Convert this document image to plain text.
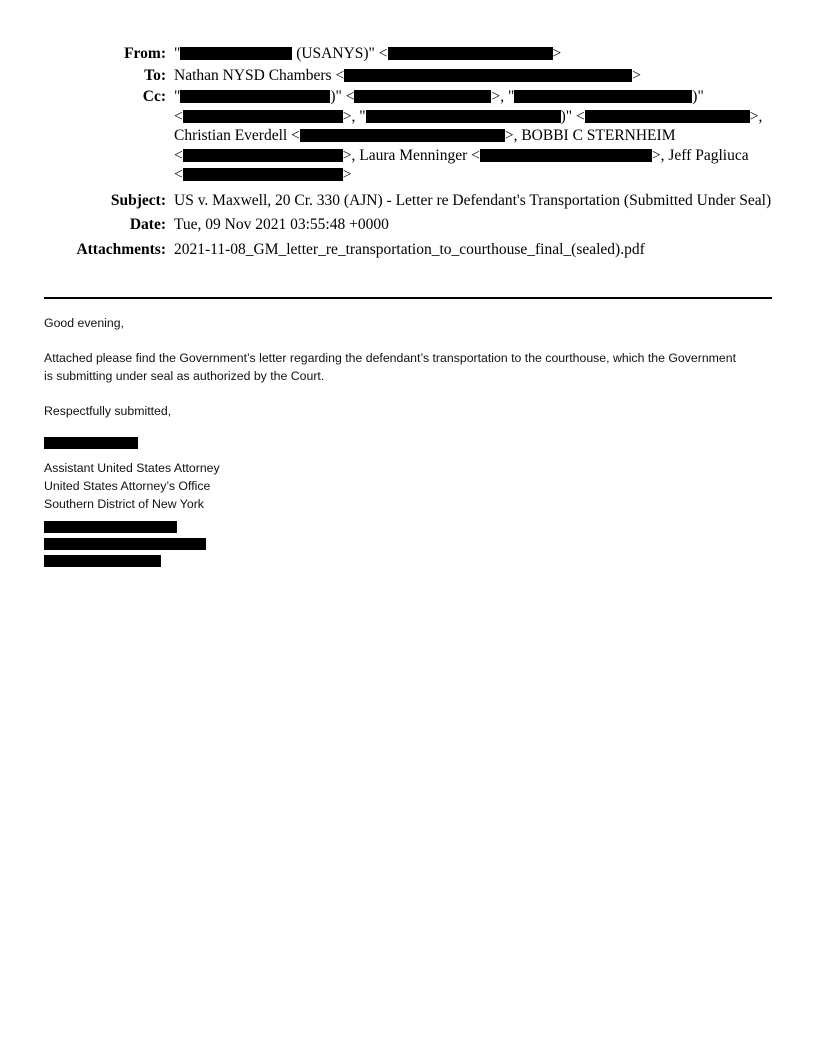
From: "	(USANYS)" <	>
To: Nathan NYSD Chambers <	>
Cc: "	)" <	>, "	)"
<	>, "	)" <	>,
Christian Everdell <	>, BOBBI C STERNHEIM
<	>, Laura Menninger <	>, Jeff Pagliuca
<	>
Subject: US v. Maxwell, 20 Cr. 330 (AJN) - Letter re Defendant's Transportation (Submitted Under Seal)
Date: Tue, 09 Nov 2021 03:55:48 +0000
Attachments: 2021-11-08_GM_letter_re_transportation_to_courthouse_final_(sealed).pdf

Good evening,

Attached please find the Government’s letter regarding the defendant’s transportation to the courthouse, which the Government is submitting under seal as authorized by the Court.

Respectfully submitted,

Assistant United States Attorney
United States Attorney’s Office
Southern District of New York
